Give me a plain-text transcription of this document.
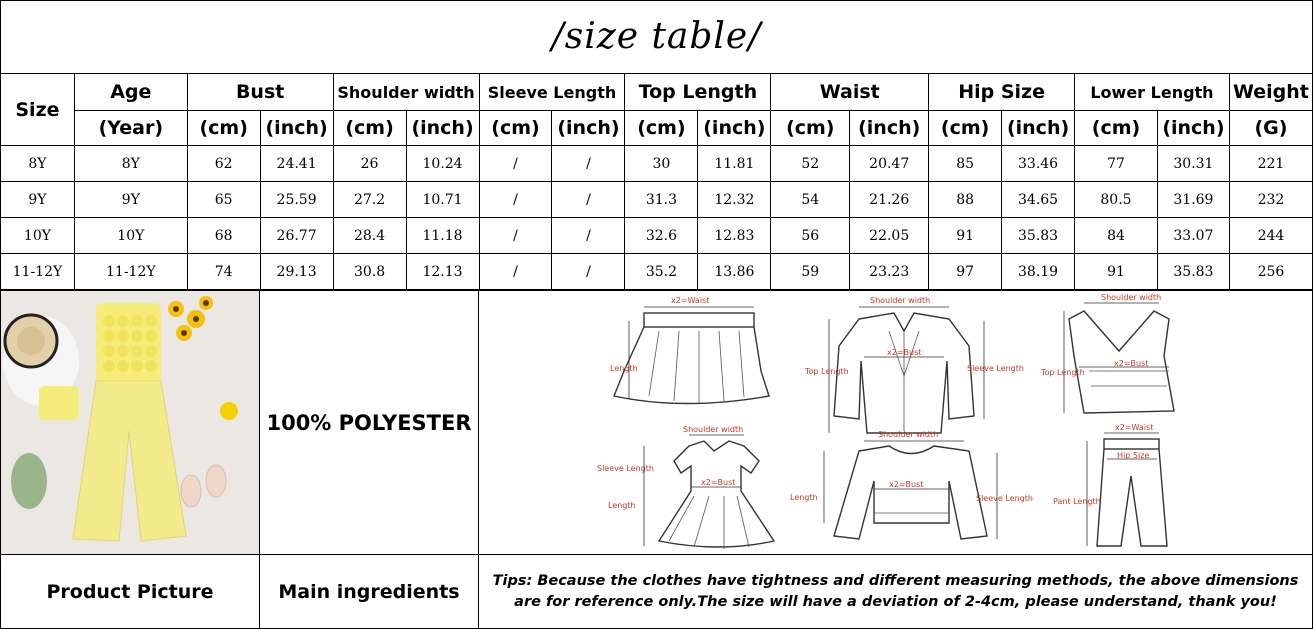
/size table/
Size	Age	Bust		Shoulder width		Sleeve Length		Top Length		Waist		Hip Size		Lower Length		Weight
	(Year)	(cm)	(inch)	(cm)	(inch)	(cm)	(inch)	(cm)	(inch)	(cm)	(inch)	(cm)	(inch)	(cm)	(inch)	(G)
8Y	8Y	62	24.41	26	10.24	/	/	30	11.81	52	20.47	85	33.46	77	30.31	221
9Y	9Y	65	25.59	27.2	10.71	/	/	31.3	12.32	54	21.26	88	34.65	80.5	31.69	232
10Y	10Y	68	26.77	28.4	11.18	/	/	32.6	12.83	56	22.05	91	35.83	84	33.07	244
11-12Y	11-12Y	74	29.13	30.8	12.13	/	/	35.2	13.86	59	23.23	97	38.19	91	35.83	256
100% POLYESTER
x2=Waist
Length
Shoulder width
x2=Bust
Top Length	Sleeve Length
Shoulder width
x2=Bust
Top Length
Shoulder width
Sleeve Length
x2=Bust
Length
Shoulder width
x2=Bust
Length	Sleeve Length
x2=Waist
Hip Size
Pant Length
Product Picture	Main ingredients	Tips: Because the clothes have tightness and different measuring methods, the above dimensions are for reference only.The size will have a deviation of 2-4cm, please understand, thank you!
